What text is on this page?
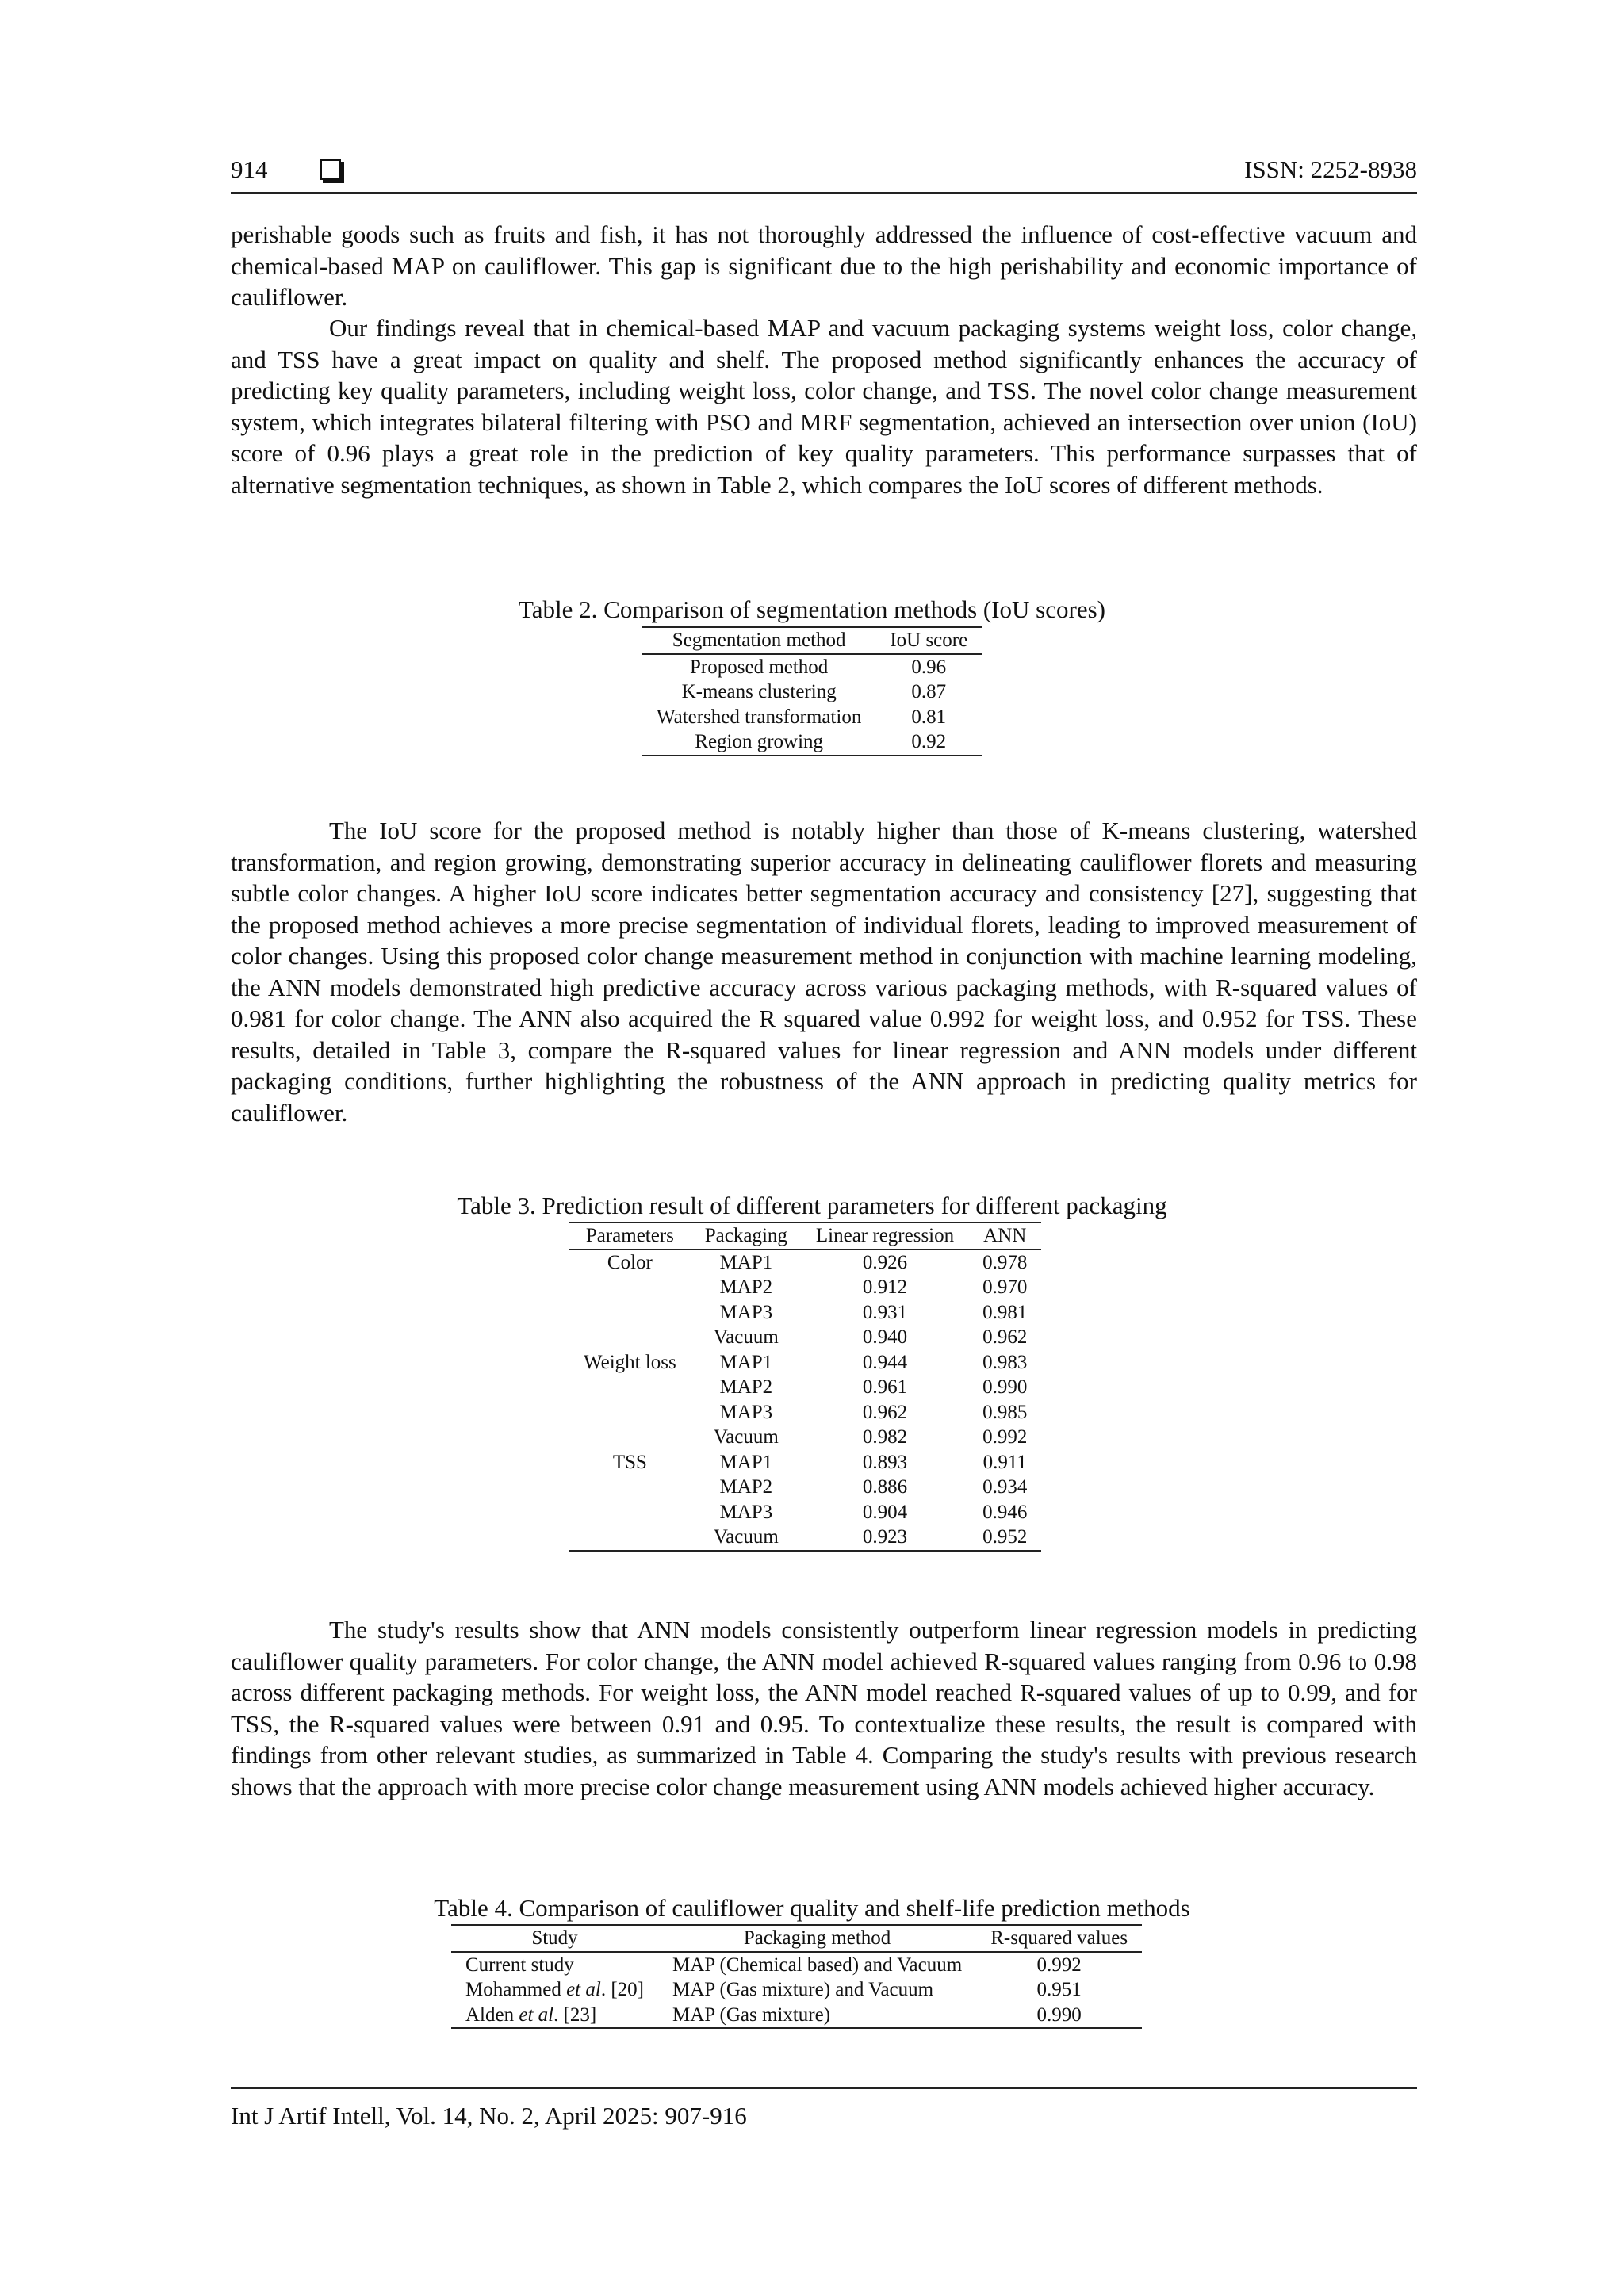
914	ISSN: 2252-8938

perishable goods such as fruits and fish, it has not thoroughly addressed the influence of cost-effective vacuum and chemical-based MAP on cauliflower. This gap is significant due to the high perishability and economic importance of cauliflower.

Our findings reveal that in chemical-based MAP and vacuum packaging systems weight loss, color change, and TSS have a great impact on quality and shelf. The proposed method significantly enhances the accuracy of predicting key quality parameters, including weight loss, color change, and TSS. The novel color change measurement system, which integrates bilateral filtering with PSO and MRF segmentation, achieved an intersection over union (IoU) score of 0.96 plays a great role in the prediction of key quality parameters. This performance surpasses that of alternative segmentation techniques, as shown in Table 2, which compares the IoU scores of different methods.

Table 2. Comparison of segmentation methods (IoU scores)
Segmentation method	IoU score
Proposed method	0.96
K-means clustering	0.87
Watershed transformation	0.81
Region growing	0.92

The IoU score for the proposed method is notably higher than those of K-means clustering, watershed transformation, and region growing, demonstrating superior accuracy in delineating cauliflower florets and measuring subtle color changes. A higher IoU score indicates better segmentation accuracy and consistency [27], suggesting that the proposed method achieves a more precise segmentation of individual florets, leading to improved measurement of color changes. Using this proposed color change measurement method in conjunction with machine learning modeling, the ANN models demonstrated high predictive accuracy across various packaging methods, with R-squared values of 0.981 for color change. The ANN also acquired the R squared value 0.992 for weight loss, and 0.952 for TSS. These results, detailed in Table 3, compare the R-squared values for linear regression and ANN models under different packaging conditions, further highlighting the robustness of the ANN approach in predicting quality metrics for cauliflower.

Table 3. Prediction result of different parameters for different packaging
Parameters	Packaging	Linear regression	ANN
Color	MAP1	0.926	0.978
	MAP2	0.912	0.970
	MAP3	0.931	0.981
	Vacuum	0.940	0.962
Weight loss	MAP1	0.944	0.983
	MAP2	0.961	0.990
	MAP3	0.962	0.985
	Vacuum	0.982	0.992
TSS	MAP1	0.893	0.911
	MAP2	0.886	0.934
	MAP3	0.904	0.946
	Vacuum	0.923	0.952

The study's results show that ANN models consistently outperform linear regression models in predicting cauliflower quality parameters. For color change, the ANN model achieved R-squared values ranging from 0.96 to 0.98 across different packaging methods. For weight loss, the ANN model reached R-squared values of up to 0.99, and for TSS, the R-squared values were between 0.91 and 0.95. To contextualize these results, the result is compared with findings from other relevant studies, as summarized in Table 4. Comparing the study's results with previous research shows that the approach with more precise color change measurement using ANN models achieved higher accuracy.

Table 4. Comparison of cauliflower quality and shelf-life prediction methods
Study	Packaging method	R-squared values
Current study	MAP (Chemical based) and Vacuum	0.992
Mohammed et al. [20]	MAP (Gas mixture) and Vacuum	0.951
Alden et al. [23]	MAP (Gas mixture)	0.990
Int J Artif Intell, Vol. 14, No. 2, April 2025: 907-916
